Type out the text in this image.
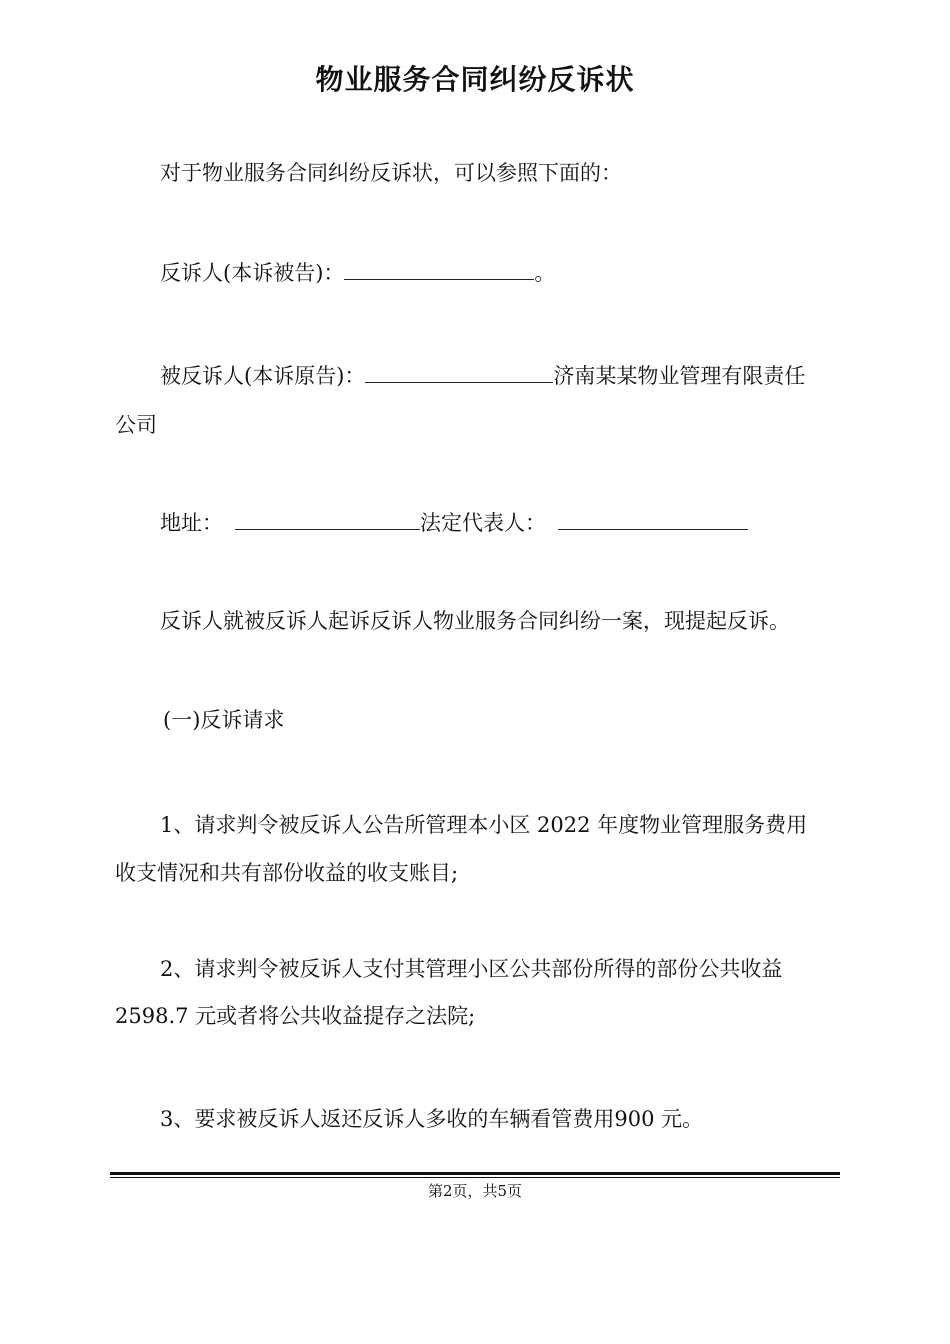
物业服务合同纠纷反诉状
对于物业服务合同纠纷反诉状，可以参照下面的：
反诉人(本诉被告)：	。
被反诉人(本诉原告)：	济南某某物业管理有限责任
公司
地址：	法定代表人：
反诉人就被反诉人起诉反诉人物业服务合同纠纷一案，现提起反诉。
(一)反诉请求
1、请求判令被反诉人公告所管理本小区 2022 年度物业管理服务费用
收支情况和共有部份收益的收支账目;
2、请求判令被反诉人支付其管理小区公共部份所得的部份公共收益
2598.7 元或者将公共收益提存之法院;
3、要求被反诉人返还反诉人多收的车辆看管费用900 元。
第2页，共5页
